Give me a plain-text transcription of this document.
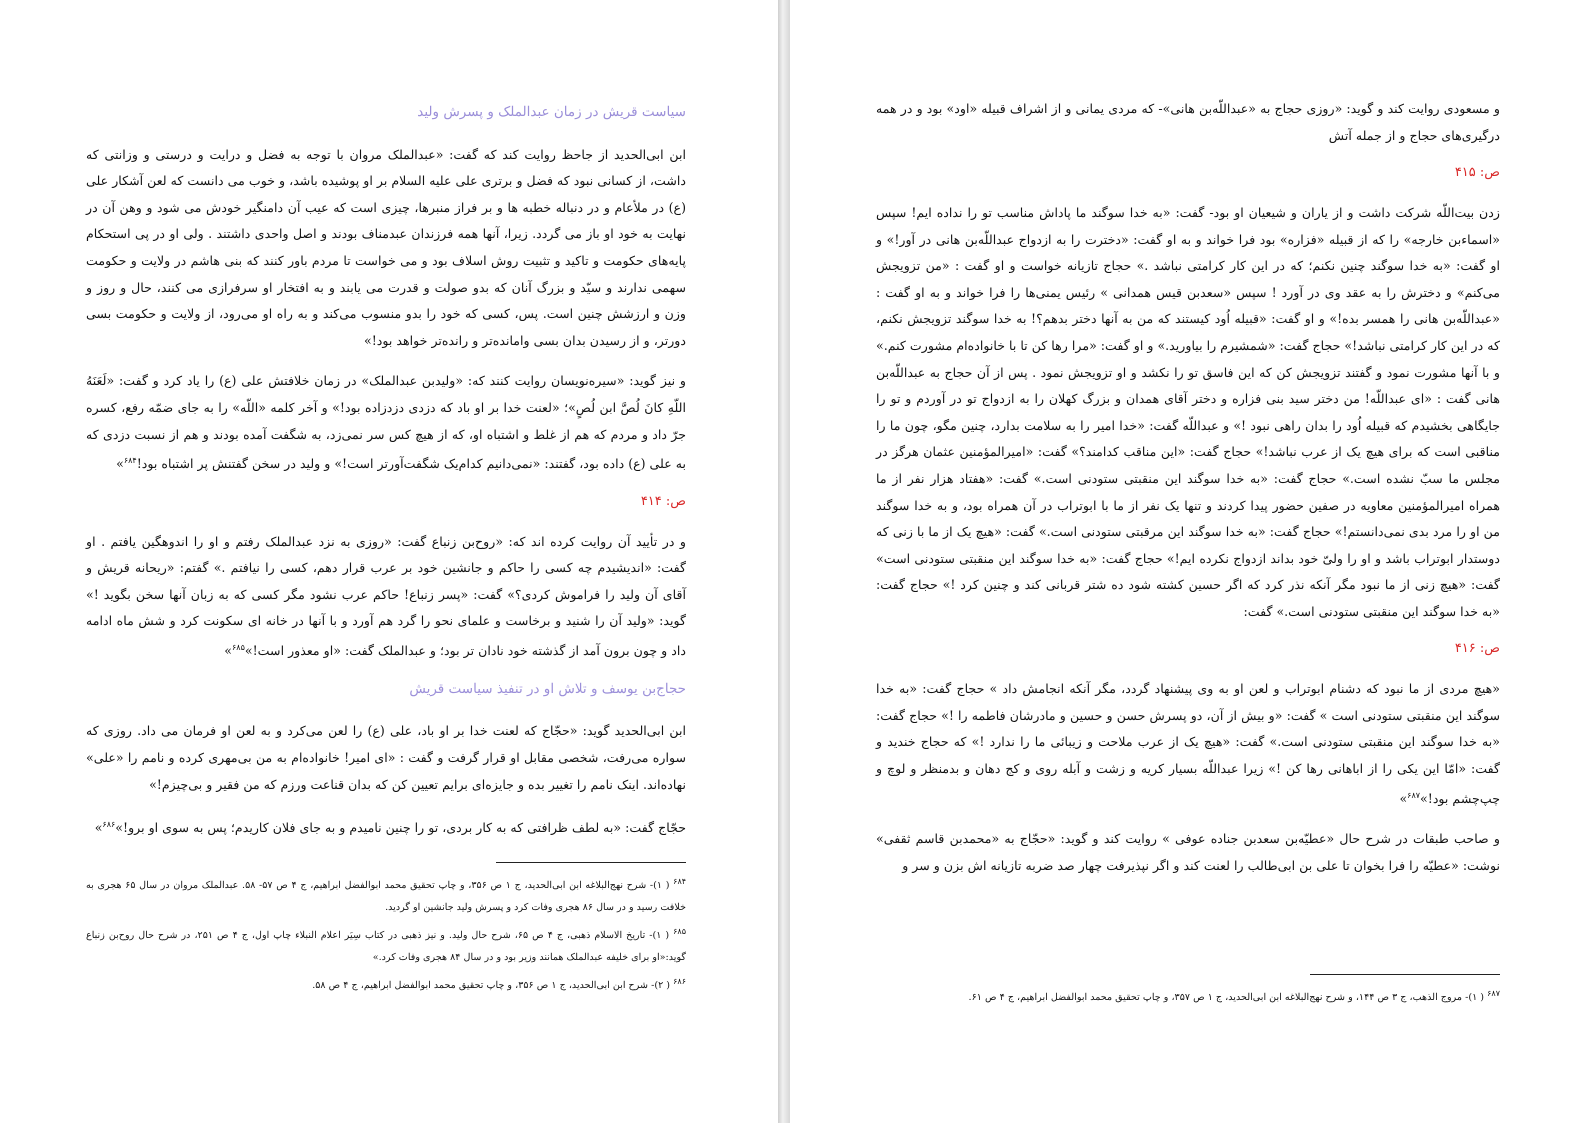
سیاست قریش در زمان عبدالملک و پسرش ولید

ابن ابی‌الحدید از جاحظ روایت کند که گفت: «عبدالملک مروان با توجه به فضل و درایت و درستی و وزانتی که داشت، از کسانی نبود که فضل و برتری علی علیه السلام بر او پوشیده باشد، و خوب می دانست که لعن آشکار علی (ع) در ملأعام و در دنباله خطبه ها و بر فراز منبرها، چیزی است که عیب آن دامنگیر خودش می شود و وهن آن در نهایت به خود او باز می گردد. زیرا، آنها همه فرزندان عبدمناف بودند و اصل واحدی داشتند . ولی او در پی استحکام پایه‌های حکومت و تاکید و تثبیت روش اسلاف بود و می خواست تا مردم باور کنند که بنی هاشم در ولایت و حکومت سهمی ندارند و سیّد و بزرگ آنان که بدو صولت و قدرت می یابند و به افتخار او سرفرازی می کنند، حال و روز و وزن و ارزشش چنین است. پس، کسی که خود را بدو منسوب می‌کند و به راه او می‌رود، از ولایت و حکومت بسی دورتر، و از رسیدن بدان بسی وامانده‌تر و رانده‌تر خواهد بود!»

و نیز گوید: «سیره‌نویسان روایت کنند که: «ولیدبن عبدالملک» در زمان خلافتش علی (ع) را یاد کرد و گفت: «لَعَنَهُ اللّهِ کانَ لُصَّ ابن لُصٍ»؛ «لعنت خدا بر او باد که دزدی دزدزاده بود!» و آخر کلمه «اللّه» را به جای ضمّه رفع، کسره جرّ داد و مردم که هم از غلط و اشتباه او، که از هیچ کس سر نمی‌زد، به شگفت آمده بودند و هم از نسبت دزدی که به علی (ع) داده بود، گفتند: «نمی‌دانیم کدام‌یک شگفت‌آورتر است!» و ولید در سخن گفتنش پر اشتباه بود!$^{۶۸۴}$»

ص: ۴۱۴

و در تأیید آن روایت کرده اند که: «روح‌بن زنباع گفت: «روزی به نزد عبدالملک رفتم و او را اندوهگین یافتم . او گفت: «اندیشیدم چه کسی را حاکم و جانشین خود بر عرب قرار دهم، کسی را نیافتم .» گفتم: «ریحانه قریش و آقای آن ولید را فراموش کردی؟» گفت: «پسر زنباع! حاکم عرب نشود مگر کسی که به زبان آنها سخن بگوید !» گوید: «ولید آن را شنید و برخاست و علمای نحو را گرد هم آورد و با آنها در خانه ای سکونت کرد و شش ماه ادامه داد و چون برون آمد از گذشته خود نادان تر بود؛ و عبدالملک گفت: «او معذور است!»$^{۶۸۵}$»

حجاج‌بن یوسف و تلاش او در تنفیذ سیاست قریش

ابن ابی‌الحدید گوید: «حجّاج که لعنت خدا بر او باد، علی (ع) را لعن می‌کرد و به لعن او فرمان می داد. روزی که سواره می‌رفت، شخصی مقابل او قرار گرفت و گفت : «ای امیر! خانواده‌ام به من بی‌مهری کرده و نامم را «علی» نهاده‌اند. اینک نامم را تغییر بده و جایزه‌ای برایم تعیین کن که بدان قناعت ورزم که من فقیر و بی‌چیزم!»

حجّاج گفت: «به لطف ظرافتی که به کار بردی، تو را چنین نامیدم و به جای فلان کاریدم؛ پس به سوی او برو!»$^{۶۸۶}$»

$^{۶۸۴}$ ( ۱)- شرح نهج‌البلاغه ابن ابی‌الحدید، ج ۱ ص ۳۵۶، و چاپ تحقیق محمد ابوالفضل ابراهیم، ج ۴ ص ۵۷- ۵۸. عبدالملک مروان در سال ۶۵ هجری به خلافت رسید و در سال ۸۶ هجری وفات کرد و پسرش ولید جانشین او گردید.

$^{۶۸۵}$ ( ۱)- تاریخ الاسلام ذهبی، ج ۴ ص ۶۵، شرح حال ولید. و نیز ذهبی در کتاب سِیَر اعلام النبلاء چاپ اول، ج ۴ ص ۲۵۱، در شرح حال روح‌بن زنباع گوید:«او برای خلیفه عبدالملک همانند وزیر بود و در سال ۸۴ هجری وفات کرد.»

$^{۶۸۶}$ ( ۲)- شرح ابن ابی‌الحدید، ج ۱ ص ۳۵۶، و چاپ تحقیق محمد ابوالفضل ابراهیم، ج ۴ ص ۵۸.

و مسعودی روایت کند و گوید: «روزی حجاج به «عبداللّه‌بن هانی»- که مردی یمانی و از اشراف قبیله «اود» بود و در همه درگیری‌های حجاج و از جمله آتش

ص: ۴۱۵

زدن بیت‌اللّه شرکت داشت و از یاران و شیعیان او بود- گفت: «به خدا سوگند ما پاداش مناسب تو را نداده ایم! سپس «اسماءبن خارجه» را که از قبیله «فزاره» بود فرا خواند و به او گفت: «دخترت را به ازدواج عبداللّه‌بن هانی در آور!» و او گفت: «به خدا سوگند چنین نکنم؛ که در این کار کرامتی نباشد .» حجاج تازیانه خواست و او گفت : «من تزویجش می‌کنم» و دخترش را به عقد وی در آورد ! سپس «سعدبن قیس همدانی » رئیس یمنی‌ها را فرا خواند و به او گفت : «عبداللّه‌بن هانی را همسر بده!» و او گفت: «قبیله اُود کیستند که من به آنها دختر بدهم؟! به خدا سوگند تزویجش نکنم، که در این کار کرامتی نباشد!» حجاج گفت: «شمشیرم را بیاورید.» و او گفت: «مرا رها کن تا با خانواده‌ام مشورت کنم.» و با آنها مشورت نمود و گفتند تزویجش کن که این فاسق تو را نکشد و او تزویجش نمود . پس از آن حجاج به عبداللّه‌بن هانی گفت : «ای عبداللّه! من دختر سید بنی فزاره و دختر آقای همدان و بزرگ کهلان را به ازدواج تو در آوردم و تو را جایگاهی بخشیدم که قبیله اُود را بدان راهی نبود !» و عبداللّه گفت: «خدا امیر را به سلامت بدارد، چنین مگو، چون ما را مناقبی است که برای هیچ یک از عرب نباشد!» حجاج گفت: «این مناقب کدامند؟» گفت: «امیرالمؤمنین عثمان هرگز در مجلس ما سبّ نشده است.» حجاج گفت: «به خدا سوگند این منقبتی ستودنی است.» گفت: «هفتاد هزار نفر از ما همراه امیرالمؤمنین معاویه در صفین حضور پیدا کردند و تنها یک نفر از ما با ابوتراب در آن همراه بود، و به خدا سوگند من او را مرد بدی نمی‌دانستم!» حجاج گفت: «به خدا سوگند این مرقبتی ستودنی است.» گفت: «هیچ یک از ما با زنی که دوستدار ابوتراب باشد و او را ولیّ خود بداند ازدواج نکرده ایم!» حجاج گفت: «به خدا سوگند این منقبتی ستودنی است» گفت: «هیچ زنی از ما نبود مگر آنکه نذر کرد که اگر حسین کشته شود ده شتر قربانی کند و چنین کرد !» حجاج گفت: «به خدا سوگند این منقبتی ستودنی است.» گفت:

ص: ۴۱۶

«هیچ مردی از ما نبود که دشنام ابوتراب و لعن او به وی پیشنهاد گردد، مگر آنکه انجامش داد » حجاج گفت: «به خدا سوگند این منقبتی ستودنی است » گفت: «و بیش از آن، دو پسرش حسن و حسین و مادرشان فاطمه را !» حجاج گفت: «به خدا سوگند این منقبتی ستودنی است.» گفت: «هیچ یک از عرب ملاحت و زیبائی ما را ندارد !» که حجاج خندید و گفت: «امّا این یکی را از اباهانی رها کن !» زیرا عبداللّه بسیار کریه و زشت و آبله روی و کج دهان و بدمنظر و لوچ و چپ‌چشم بود!»$^{۶۸۷}$»

و صاحب طبقات در شرح حال «عطیّه‌بن سعدبن جناده عوفی » روایت کند و گوید: «حجّاج به «محمدبن قاسم ثقفی» نوشت: «عطیّه را فرا بخوان تا علی بن ابی‌طالب را لعنت کند و اگر نپذیرفت چهار صد ضربه تازیانه اش بزن و سر و

$^{۶۸۷}$ ( ۱)- مروج الذهب، ج ۳ ص ۱۴۴، و شرح نهج‌البلاغه ابن ابی‌الحدید، ج ۱ ص ۳۵۷، و چاپ تحقیق محمد ابوالفضل ابراهیم، ج ۴ ص ۶۱.
